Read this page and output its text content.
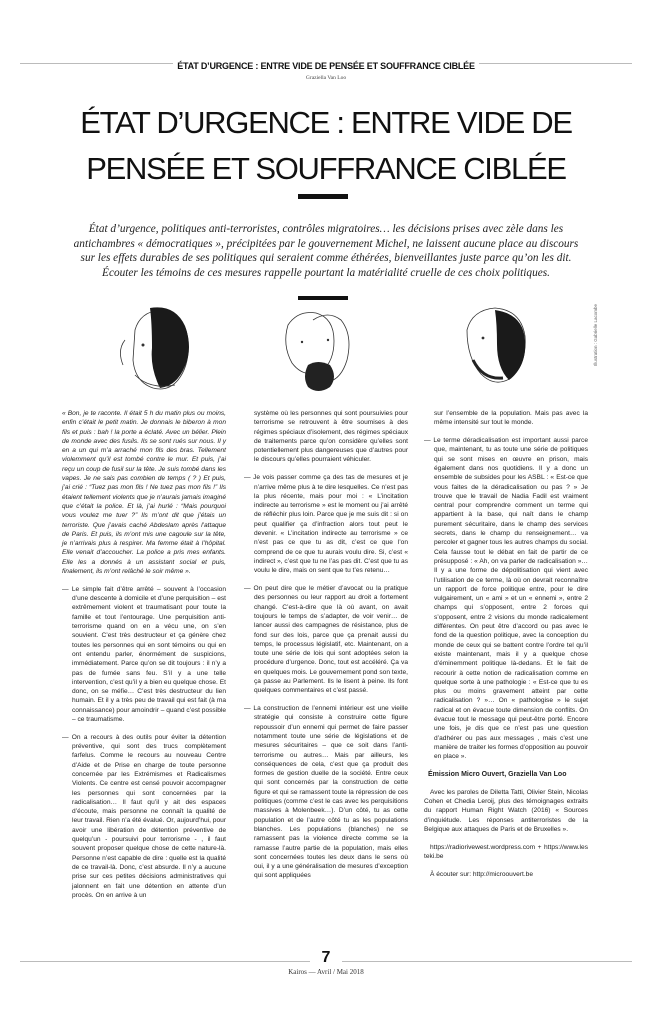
ÉTAT D’URGENCE : ENTRE VIDE DE PENSÉE ET SOUFFRANCE CIBLÉE
Graziella Van Loo
ÉTAT D’URGENCE : ENTRE VIDE DE
PENSÉE ET SOUFFRANCE CIBLÉE
État d’urgence, politiques anti-terroristes, contrôles migratoires… les décisions prises avec zèle dans les antichambres « démocratiques », précipitées par le gouvernement Michel, ne laissent aucune place au discours sur les effets durables de ses politiques qui seraient comme éthérées, bienveillantes juste parce qu’on les dit. Écouter les témoins de ces mesures rappelle pourtant la matérialité cruelle de ces choix politiques.
Illustration : Gabrielle Lacombe

« Bon, je te raconte. Il était 5 h du matin plus ou moins, enfin c’était le petit matin. Je donnais le biberon à mon fils et puis : bah ! la porte a éclaté. Avec un bélier. Plein de monde avec des fusils. Ils se sont rués sur nous. Il y en a un qui m’a arraché mon fils des bras. Tellement violemment qu’il est tombé contre le mur. Et puis, j’ai reçu un coup de fusil sur la tête. Je suis tombé dans les vapes. Je ne sais pas combien de temps ( ? ) Et puis, j’ai crié : “Tuez pas mon fils ! Ne tuez pas mon fils !” Ils étaient tellement violents que je n’aurais jamais imaginé que c’était la police. Et là, j’ai hurlé : “Mais pourquoi vous voulez me tuer ?” Ils m’ont dit que j’étais un terroriste. Que j’avais caché Abdeslam après l’attaque de Paris. Et puis, ils m’ont mis une cagoule sur la tête, je n’arrivais plus à respirer. Ma femme était à l’hôpital. Elle venait d’accoucher. La police a pris mes enfants. Elle les a donnés à un assistant social et puis, finalement, ils m’ont relâché le soir même ».

— Le simple fait d’être arrêté – souvent à l’occasion d’une descente à domicile et d’une perquisition – est extrêmement violent et traumatisant pour toute la famille et tout l’entourage. Une perquisition anti-terrorisme quand on en a vécu une, on s’en souvient. C’est très destructeur et ça génère chez toutes les personnes qui en sont témoins ou qui en ont entendu parler, énormément de suspicions, immédiatement. Parce qu’on se dit toujours : il n’y a pas de fumée sans feu. S’il y a une telle intervention, c’est qu’il y a bien eu quelque chose. Et donc, on se méfie… C’est très destructeur du lien humain. Et il y a très peu de travail qui est fait (à ma connaissance) pour amoindrir – quand c’est possible – ce traumatisme.

— On a recours à des outils pour éviter la détention préventive, qui sont des trucs complètement farfelus. Comme le recours au nouveau Centre d’Aide et de Prise en charge de toute personne concernée par les Extrémismes et Radicalismes Violents. Ce centre est censé pouvoir accompagner les personnes qui sont concernées par la radicalisation… Il faut qu’il y ait des espaces d’écoute, mais personne ne connaît la qualité de leur travail. Rien n’a été évalué. Or, aujourd’hui, pour avoir une libération de détention préventive de quelqu’un - poursuivi pour terrorisme - , il faut souvent proposer quelque chose de cette nature-là. Personne n’est capable de dire : quelle est la qualité de ce travail-là. Donc, c’est absurde. Il n’y a aucune prise sur ces petites décisions administratives qui jalonnent en fait une détention en attente d’un procès. On en arrive à un

système où les personnes qui sont poursuivies pour terrorisme se retrouvent à être soumises à des régimes spéciaux d’isolement, des régimes spéciaux de traitements parce qu’on considère qu’elles sont potentiellement plus dangereuses que d’autres pour le discours qu’elles pourraient véhiculer.

— Je vois passer comme ça des tas de mesures et je n’arrive même plus à te dire lesquelles. Ce n’est pas la plus récente, mais pour moi : « L’incitation indirecte au terrorisme » est le moment ou j’ai arrêté de réfléchir plus loin. Parce que je me suis dit : si on peut qualifier ça d’infraction alors tout peut le devenir. « L’incitation indirecte au terrorisme » ce n’est pas ce que tu as dit, c’est ce que l’on comprend de ce que tu aurais voulu dire. Si, c’est « indirect », c’est que tu ne l’as pas dit. C’est que tu as voulu le dire, mais on sent que tu t’es retenu…

— On peut dire que le métier d’avocat ou la pratique des personnes ou leur rapport au droit a fortement changé. C’est-à-dire que là où avant, on avait toujours le temps de s’adapter, de voir venir… de lancer aussi des campagnes de résistance, plus de fond sur des lois, parce que ça prenait aussi du temps, le processus législatif, etc. Maintenant, on a toute une série de lois qui sont adoptées selon la procédure d’urgence. Donc, tout est accéléré. Ça va en quelques mois. Le gouvernement pond son texte, ça passe au Parlement. Ils le lisent à peine. Ils font quelques commentaires et c’est passé.

— La construction de l’ennemi intérieur est une vieille stratégie qui consiste à construire cette figure repoussoir d’un ennemi qui permet de faire passer notamment toute une série de législations et de mesures sécuritaires – que ce soit dans l’anti-terrorisme ou autres… Mais par ailleurs, les conséquences de cela, c’est que ça produit des formes de gestion duelle de la société. Entre ceux qui sont concernés par la construction de cette figure et qui se ramassent toute la répression de ces politiques (comme c’est le cas avec les perquisitions massives à Molenbeek…). D’un côté, tu as cette population et de l’autre côté tu as les populations blanches. Les populations (blanches) ne se ramassent pas la violence directe comme se la ramasse l’autre partie de la population, mais elles sont concernées toutes les deux dans le sens où oui, il y a une généralisation de mesures d’exception qui sont appliquées

sur l’ensemble de la population. Mais pas avec la même intensité sur tout le monde.

— Le terme déradicalisation est important aussi parce que, maintenant, tu as toute une série de politiques qui se sont mises en œuvre en prison, mais également dans nos quotidiens. Il y a donc un ensemble de subsides pour les ASBL : « Est-ce que vous faites de la déradicalisation ou pas ? » Je trouve que le travail de Nadia Fadil est vraiment central pour comprendre comment un terme qui appartient à la base, qui naît dans le champ purement sécuritaire, dans le champ des services secrets, dans le champ du renseignement… va percoler et gagner tous les autres champs du social. Cela fausse tout le débat en fait de partir de ce présupposé : « Ah, on va parler de radicalisation »… Il y a une forme de dépolitisation qui vient avec l’utilisation de ce terme, là où on devrait reconnaître un rapport de force politique entre, pour le dire vulgairement, un « ami » et un « ennemi », entre 2 champs qui s’opposent, entre 2 forces qui s’opposent, entre 2 visions du monde radicalement différentes. On peut être d’accord ou pas avec le fond de la question politique, avec la conception du monde de ceux qui se battent contre l’ordre tel qu’il existe maintenant, mais il y a quelque chose d’éminemment politique là-dedans. Et le fait de recourir à cette notion de radicalisation comme en quelque sorte à une pathologie : « Est-ce que tu es plus ou moins gravement atteint par cette radicalisation ? »… On « pathologise » le sujet radical et on évacue toute dimension de conflits. On évacue tout le message qui peut-être porté. Encore une fois, je dis que ce n’est pas une question d’adhérer ou pas aux messages , mais c’est une manière de traiter les formes d’opposition au pouvoir en place ».

Émission Micro Ouvert, Graziella Van Loo

Avec les paroles de Diletta Tatti, Olivier Stein, Nicolas Cohen et Chedia Leroij, plus des témoignages extraits du rapport Human Right Watch (2016) « Sources d’inquiétude. Les réponses antiterroristes de la Belgique aux attaques de Paris et de Bruxelles ».

https://radiorivewest.wordpress.com + https://www.lesteki.be

À écouter sur: http://microouvert.be

7
Kairos — Avril / Mai 2018
